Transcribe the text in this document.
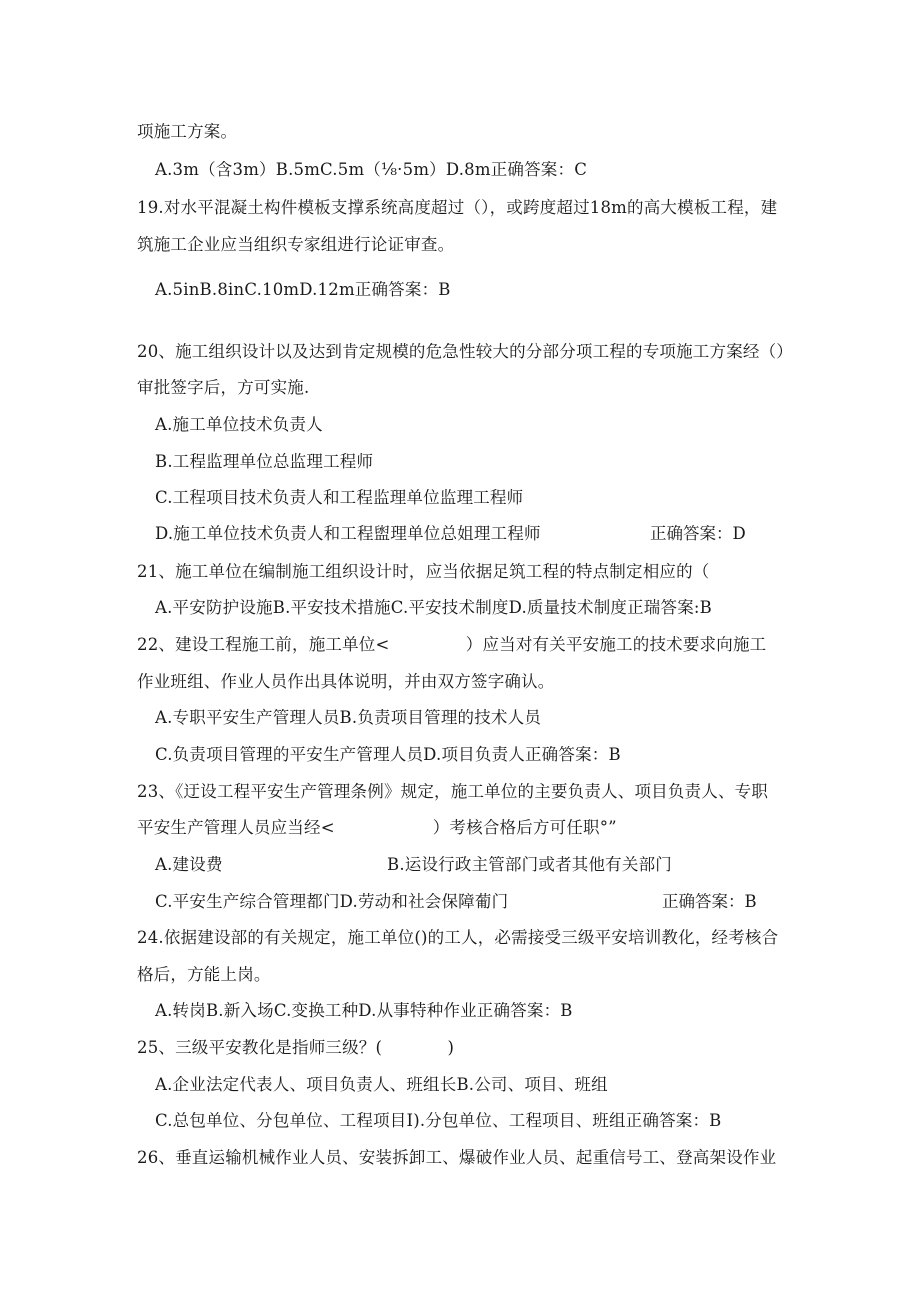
项施工方案。
A.3m（含3m）B.5mC.5m（⅛·5m）D.8m正确答案：C
19.对水平混凝土构件模板支撑系统高度超过（），或跨度超过18m的高大模板工程，建
筑施工企业应当组织专家组进行论证审查。
A.5inB.8inC.10mD.12m正确答案：B
20、施工组织设计以及达到肯定规模的危急性较大的分部分项工程的专项施工方案经（）
审批签字后，方可实施.
A.施工单位技术负责人
B.工程监理单位总监理工程师
C.工程项目技术负责人和工程监理单位监理工程师
D.施工单位技术负责人和工程盥理单位总姐理工程师	正确答案：D
21、施工单位在编制施工组织设计时，应当依据足筑工程的特点制定相应的（
A.平安防护设施B.平安技术措施C.平安技术制度D.质量技术制度正瑞答案:B
22、建设工程施工前，施工单位<              ）应当对有关平安施工的技术要求向施工
作业班组、作业人员作出具体说明，并由双方签字确认。
A.专职平安生产管理人员B.负责项目管理的技术人员
C.负责项目管理的平安生产管理人员D.项目负责人正确答案：B
23、《迂设工程平安生产管理条例》规定，施工单位的主要负责人、项目负责人、专职
平安生产管理人员应当经<                  ）考核合格后方可任职°”
A.建设费	B.运设行政主管部门或者其他有关部门
C.平安生产综合管理都门D.劳动和社会保障葡门	正确答案：B
24.依据建设部的有关规定，施工单位()的工人，必需接受三级平安培训教化，经考核合
格后，方能上岗。
A.转岗B.新入场C.变换工种D.从事特种作业正确答案：B
25、三级平安教化是指师三级？(            )
A.企业法定代表人、项目负责人、班组长B.公司、项目、班组
C.总包单位、分包单位、工程项目I).分包单位、工程项目、班组正确答案：B
26、垂直运输机械作业人员、安装拆卸工、爆破作业人员、起重信号工、登高架设作业
